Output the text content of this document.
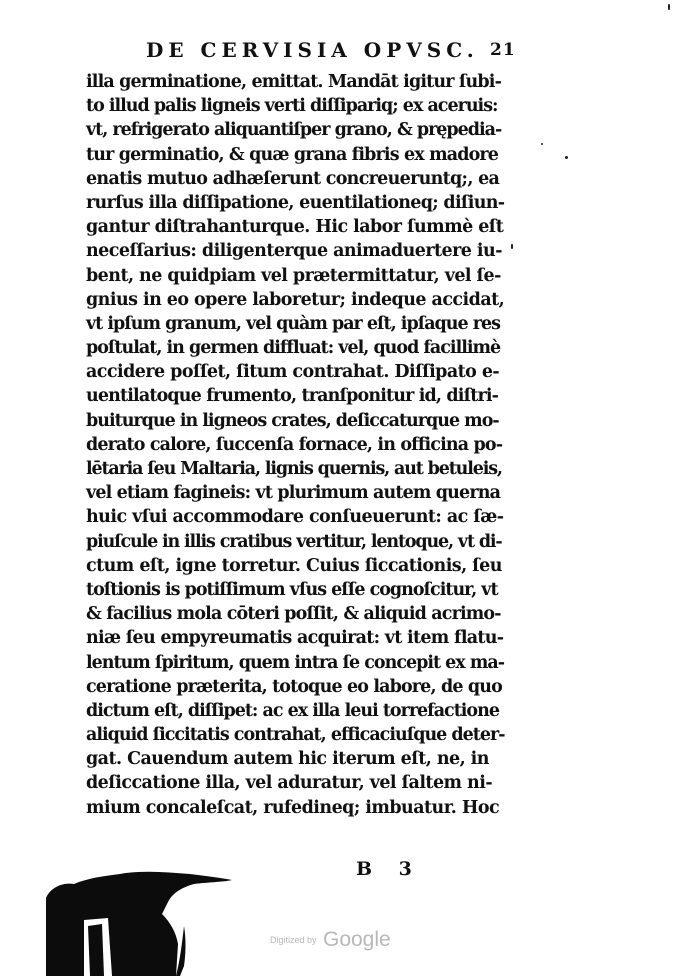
DE CERVISIA OPVSC. 21
illa germinatione, emittat. Mandāt igitur ſubi-
to illud palis ligneis verti diſſipariq; ex aceruis:
vt, refrigerato aliquantiſper grano, & prępedia-
tur germinatio, & quæ grana fibris ex madore
enatis mutuo adhæſerunt concreueruntq;, ea
rurſus illa diſſipatione, euentilationeq; diſiun-
gantur diſtrahanturque. Hic labor ſummè eſt
neceſſarius: diligenterque animaduertere iu-
bent, ne quidpiam vel prætermittatur, vel ſe-
gnius in eo opere laboretur; indeque accidat,
vt ipſum granum, vel quàm par eſt, ipſaque res
poſtulat, in germen diffluat: vel, quod facillimè
accidere poſſet, ſitum contrahat. Diſſipato e-
uentilatoque frumento, tranſponitur id, diſtri-
buiturque in ligneos crates, deſiccaturque mo-
derato calore, ſuccenſa fornace, in officina po-
lētaria ſeu Maltaria, lignis quernis, aut betuleis,
vel etiam fagineis: vt plurimum autem querna
huic vſui accommodare conſueuerunt: ac ſæ-
piuſcule in illis cratibus vertitur, lentoque, vt di-
ctum eſt, igne torretur. Cuius ſiccationis, ſeu
toſtionis is potiſſimum vſus eſſe cognoſcitur, vt
& facilius mola cōteri poſſit, & aliquid acrimo-
niæ ſeu empyreumatis acquirat: vt item flatu-
lentum ſpiritum, quem intra ſe concepit ex ma-
ceratione præterita, totoque eo labore, de quo
dictum eſt, diſſipet: ac ex illa leui torrefactione
aliquid ſiccitatis contrahat, efficaciuſque deter-
gat. Cauendum autem hic iterum eſt, ne, in
deſiccatione illa, vel aduratur, vel ſaltem ni-
mium concaleſcat, rufedineq; imbuatur. Hoc
B 3
Digitized by Google
